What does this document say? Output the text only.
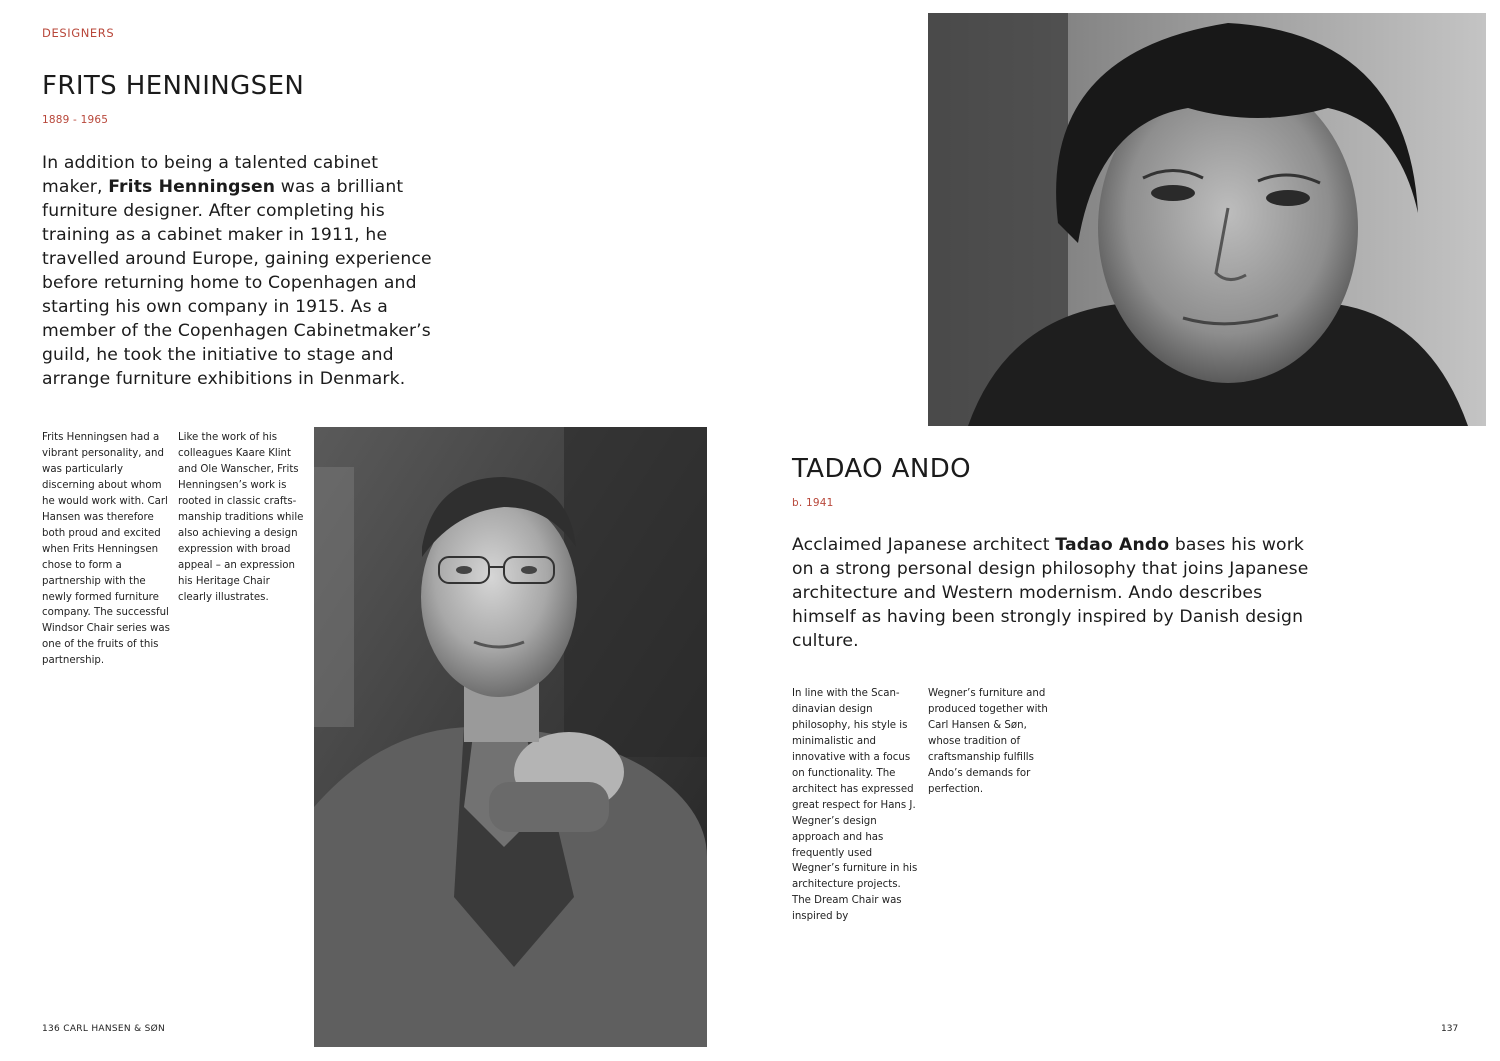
DESIGNERS
FRITS HENNINGSEN
1889 - 1965

In addition to being a talented cabinet maker, Frits Henningsen was a brilliant furniture designer. After completing his training as a cabinet maker in 1911, he travelled around Europe, gaining experience before returning home to Copenhagen and starting his own company in 1915. As a member of the Copenhagen Cabinetmaker’s guild, he took the initiative to stage and arrange furniture exhibitions in Denmark.

Frits Henningsen had a vibrant personality, and was particularly discerning about whom he would work with. Carl Hansen was therefore both proud and excited when Frits Henningsen chose to form a partnership with the newly formed furniture company. The successful Windsor Chair series was one of the fruits of this partnership.

Like the work of his colleagues Kaare Klint and Ole Wanscher, Frits Henningsen’s work is rooted in classic crafts-manship traditions while also achieving a design expression with broad appeal – an expression his Heritage Chair clearly illustrates.

TADAO ANDO
b. 1941

Acclaimed Japanese architect Tadao Ando bases his work on a strong personal design philosophy that joins Japanese architecture and Western modernism. Ando describes himself as having been strongly inspired by Danish design culture.

In line with the Scan-dinavian design philosophy, his style is minimalistic and innovative with a focus on functionality. The architect has expressed great respect for Hans J. Wegner’s design approach and has frequently used Wegner’s furniture in his architecture projects. The Dream Chair was inspired by

Wegner’s furniture and produced together with Carl Hansen & Søn, whose tradition of craftsmanship fulfills Ando’s demands for perfection.

136 CARL HANSEN & SØN	137
